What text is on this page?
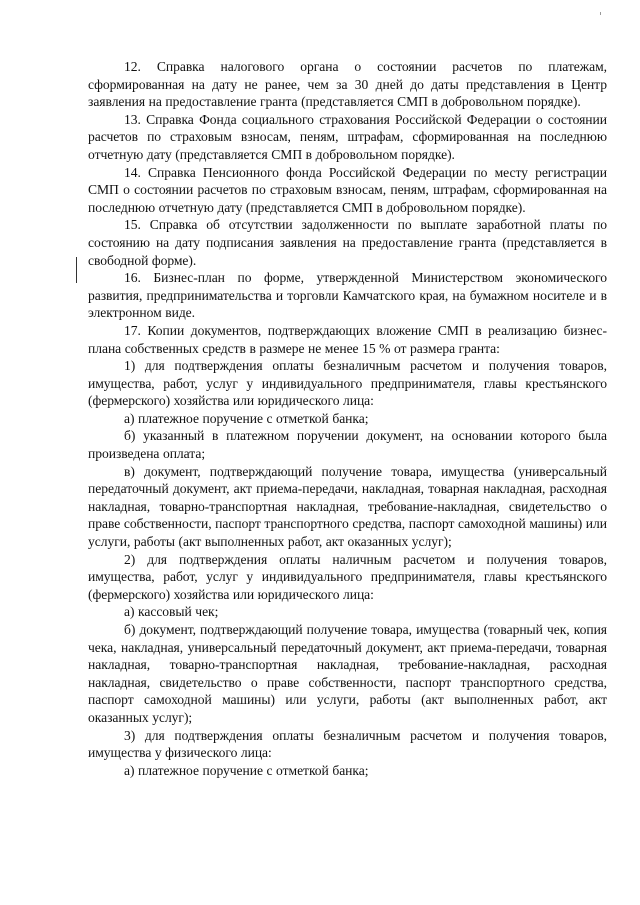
12. Справка налогового органа о состоянии расчетов по платежам, сформированная на дату не ранее, чем за 30 дней до даты представления в Центр заявления на предоставление гранта (представляется СМП в добровольном порядке).

13. Справка Фонда социального страхования Российской Федерации о состоянии расчетов по страховым взносам, пеням, штрафам, сформированная на последнюю отчетную дату (представляется СМП в добровольном порядке).

14. Справка Пенсионного фонда Российской Федерации по месту регистрации СМП о состоянии расчетов по страховым взносам, пеням, штрафам, сформированная на последнюю отчетную дату (представляется СМП в добровольном порядке).

15. Справка об отсутствии задолженности по выплате заработной платы по состоянию на дату подписания заявления на предоставление гранта (представляется в свободной форме).

16. Бизнес-план по форме, утвержденной Министерством экономического развития, предпринимательства и торговли Камчатского края, на бумажном носителе и в электронном виде.

17. Копии документов, подтверждающих вложение СМП в реализацию бизнес-плана собственных средств в размере не менее 15 % от размера гранта:

1) для подтверждения оплаты безналичным расчетом и получения товаров, имущества, работ, услуг у индивидуального предпринимателя, главы крестьянского (фермерского) хозяйства или юридического лица:

а) платежное поручение с отметкой банка;

б) указанный в платежном поручении документ, на основании которого была произведена оплата;

в) документ, подтверждающий получение товара, имущества (универсальный передаточный документ, акт приема-передачи, накладная, товарная накладная, расходная накладная, товарно-транспортная накладная, требование-накладная, свидетельство о праве собственности, паспорт транспортного средства, паспорт самоходной машины) или услуги, работы (акт выполненных работ, акт оказанных услуг);

2) для подтверждения оплаты наличным расчетом и получения товаров, имущества, работ, услуг у индивидуального предпринимателя, главы крестьянского (фермерского) хозяйства или юридического лица:

а) кассовый чек;

б) документ, подтверждающий получение товара, имущества (товарный чек, копия чека, накладная, универсальный передаточный документ, акт приема-передачи, товарная накладная, товарно-транспортная накладная, требование-накладная, расходная накладная, свидетельство о праве собственности, паспорт транспортного средства, паспорт самоходной машины) или услуги, работы (акт выполненных работ, акт оказанных услуг);

3) для подтверждения оплаты безналичным расчетом и получения товаров, имущества у физического лица:

а) платежное поручение с отметкой банка;
